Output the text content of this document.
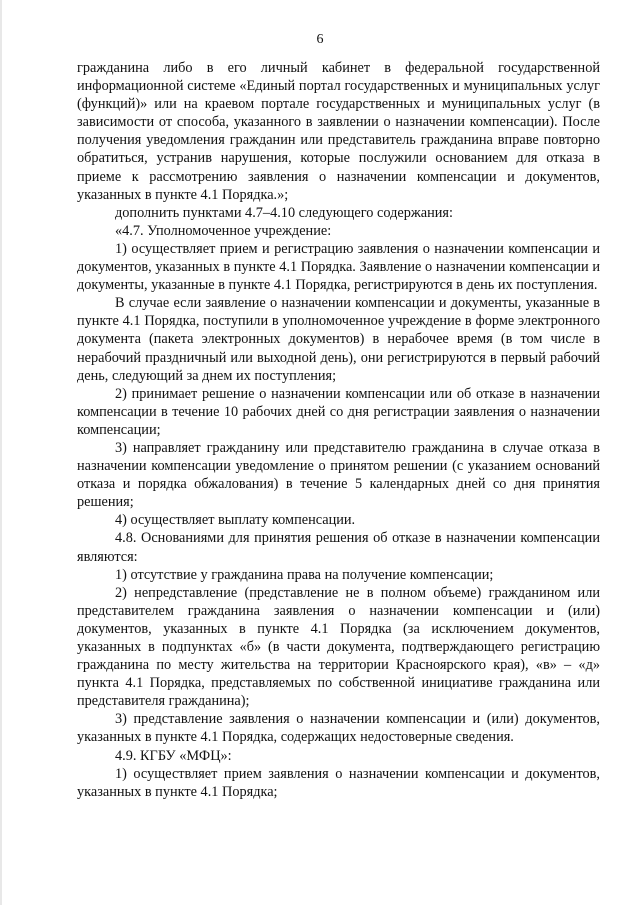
6

гражданина либо в его личный кабинет в федеральной государственной информационной системе «Единый портал государственных и муниципальных услуг (функций)» или на краевом портале государственных и муниципальных услуг (в зависимости от способа, указанного в заявлении о назначении компенсации). После получения уведомления гражданин или представитель гражданина вправе повторно обратиться, устранив нарушения, которые послужили основанием для отказа в приеме к рассмотрению заявления о назначении компенсации и документов, указанных в пункте 4.1 Порядка.»;

дополнить пунктами 4.7–4.10 следующего содержания:

«4.7. Уполномоченное учреждение:

1) осуществляет прием и регистрацию заявления о назначении компенсации и документов, указанных в пункте 4.1 Порядка. Заявление о назначении компенсации и документы, указанные в пункте 4.1 Порядка, регистрируются в день их поступления.

В случае если заявление о назначении компенсации и документы, указанные в пункте 4.1 Порядка, поступили в уполномоченное учреждение в форме электронного документа (пакета электронных документов) в нерабочее время (в том числе в нерабочий праздничный или выходной день), они регистрируются в первый рабочий день, следующий за днем их поступления;

2) принимает решение о назначении компенсации или об отказе в назначении компенсации в течение 10 рабочих дней со дня регистрации заявления о назначении компенсации;

3) направляет гражданину или представителю гражданина в случае отказа в назначении компенсации уведомление о принятом решении (с указанием оснований отказа и порядка обжалования) в течение 5 календарных дней со дня принятия решения;

4) осуществляет выплату компенсации.

4.8. Основаниями для принятия решения об отказе в назначении компенсации являются:

1) отсутствие у гражданина права на получение компенсации;

2) непредставление (представление не в полном объеме) гражданином или представителем гражданина заявления о назначении компенсации и (или) документов, указанных в пункте 4.1 Порядка (за исключением документов, указанных в подпунктах «б» (в части документа, подтверждающего регистрацию гражданина по месту жительства на территории Красноярского края), «в» – «д» пункта 4.1 Порядка, представляемых по собственной инициативе гражданина или представителя гражданина);

3) представление заявления о назначении компенсации и (или) документов, указанных в пункте 4.1 Порядка, содержащих недостоверные сведения.

4.9. КГБУ «МФЦ»:

1) осуществляет прием заявления о назначении компенсации и документов, указанных в пункте 4.1 Порядка;
